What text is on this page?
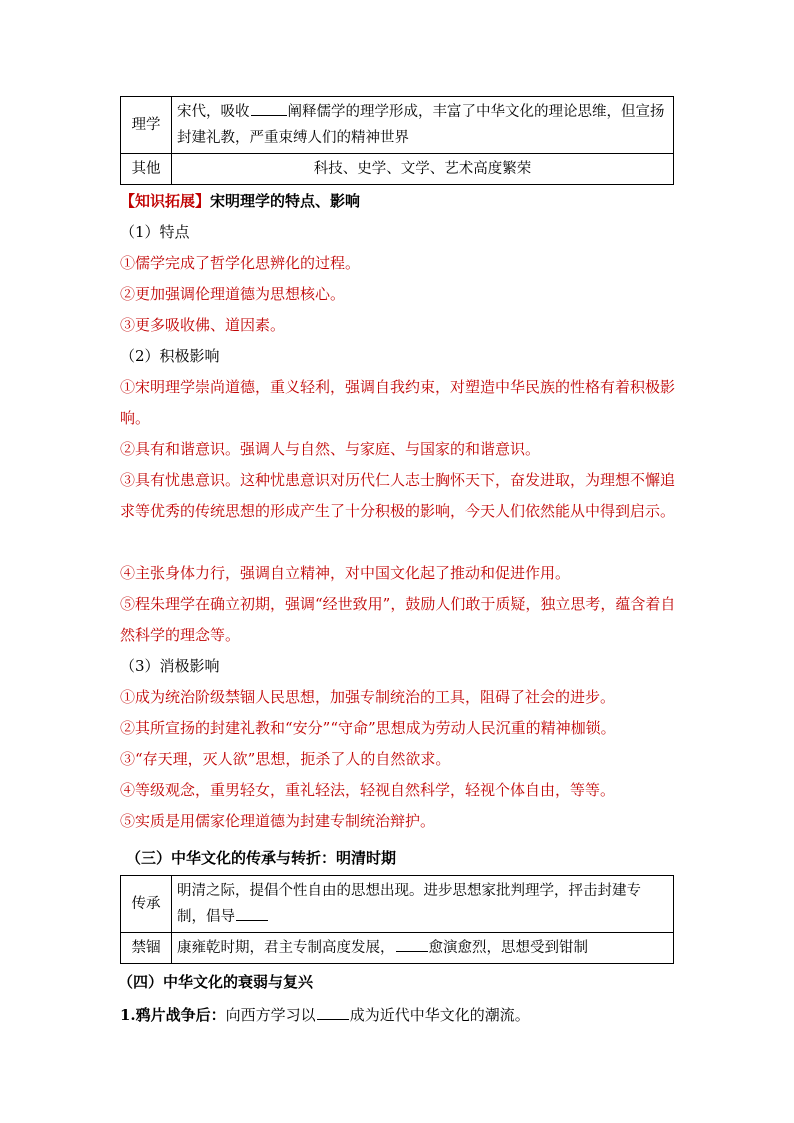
理学	宋代，吸收 阐释儒学的理学形成，丰富了中华文化的理论思维，但宣扬封建礼教，严重束缚人们的精神世界
其他	科技、史学、文学、艺术高度繁荣
【知识拓展】宋明理学的特点、影响
（1）特点
①儒学完成了哲学化思辨化的过程。
②更加强调伦理道德为思想核心。
③更多吸收佛、道因素。
（2）积极影响
①宋明理学崇尚道德，重义轻利，强调自我约束，对塑造中华民族的性格有着积极影响。
②具有和谐意识。强调人与自然、与家庭、与国家的和谐意识。
③具有忧患意识。这种忧患意识对历代仁人志士胸怀天下，奋发进取，为理想不懈追求等优秀的传统思想的形成产生了十分积极的影响，今天人们依然能从中得到启示。
④主张身体力行，强调自立精神，对中国文化起了推动和促进作用。
⑤程朱理学在确立初期，强调“经世致用”，鼓励人们敢于质疑，独立思考，蕴含着自然科学的理念等。
（3）消极影响
①成为统治阶级禁锢人民思想，加强专制统治的工具，阻碍了社会的进步。
②其所宣扬的封建礼教和“安分”“守命”思想成为劳动人民沉重的精神枷锁。
③“存天理，灭人欲”思想，扼杀了人的自然欲求。
④等级观念，重男轻女，重礼轻法，轻视自然科学，轻视个体自由，等等。
⑤实质是用儒家伦理道德为封建专制统治辩护。
（三）中华文化的传承与转折：明清时期
传承	明清之际，提倡个性自由的思想出现。进步思想家批判理学，抨击封建专制，倡导
禁锢	康雍乾时期，君主专制高度发展， 愈演愈烈，思想受到钳制
（四）中华文化的衰弱与复兴
1.鸦片战争后：向西方学习以 成为近代中华文化的潮流。
